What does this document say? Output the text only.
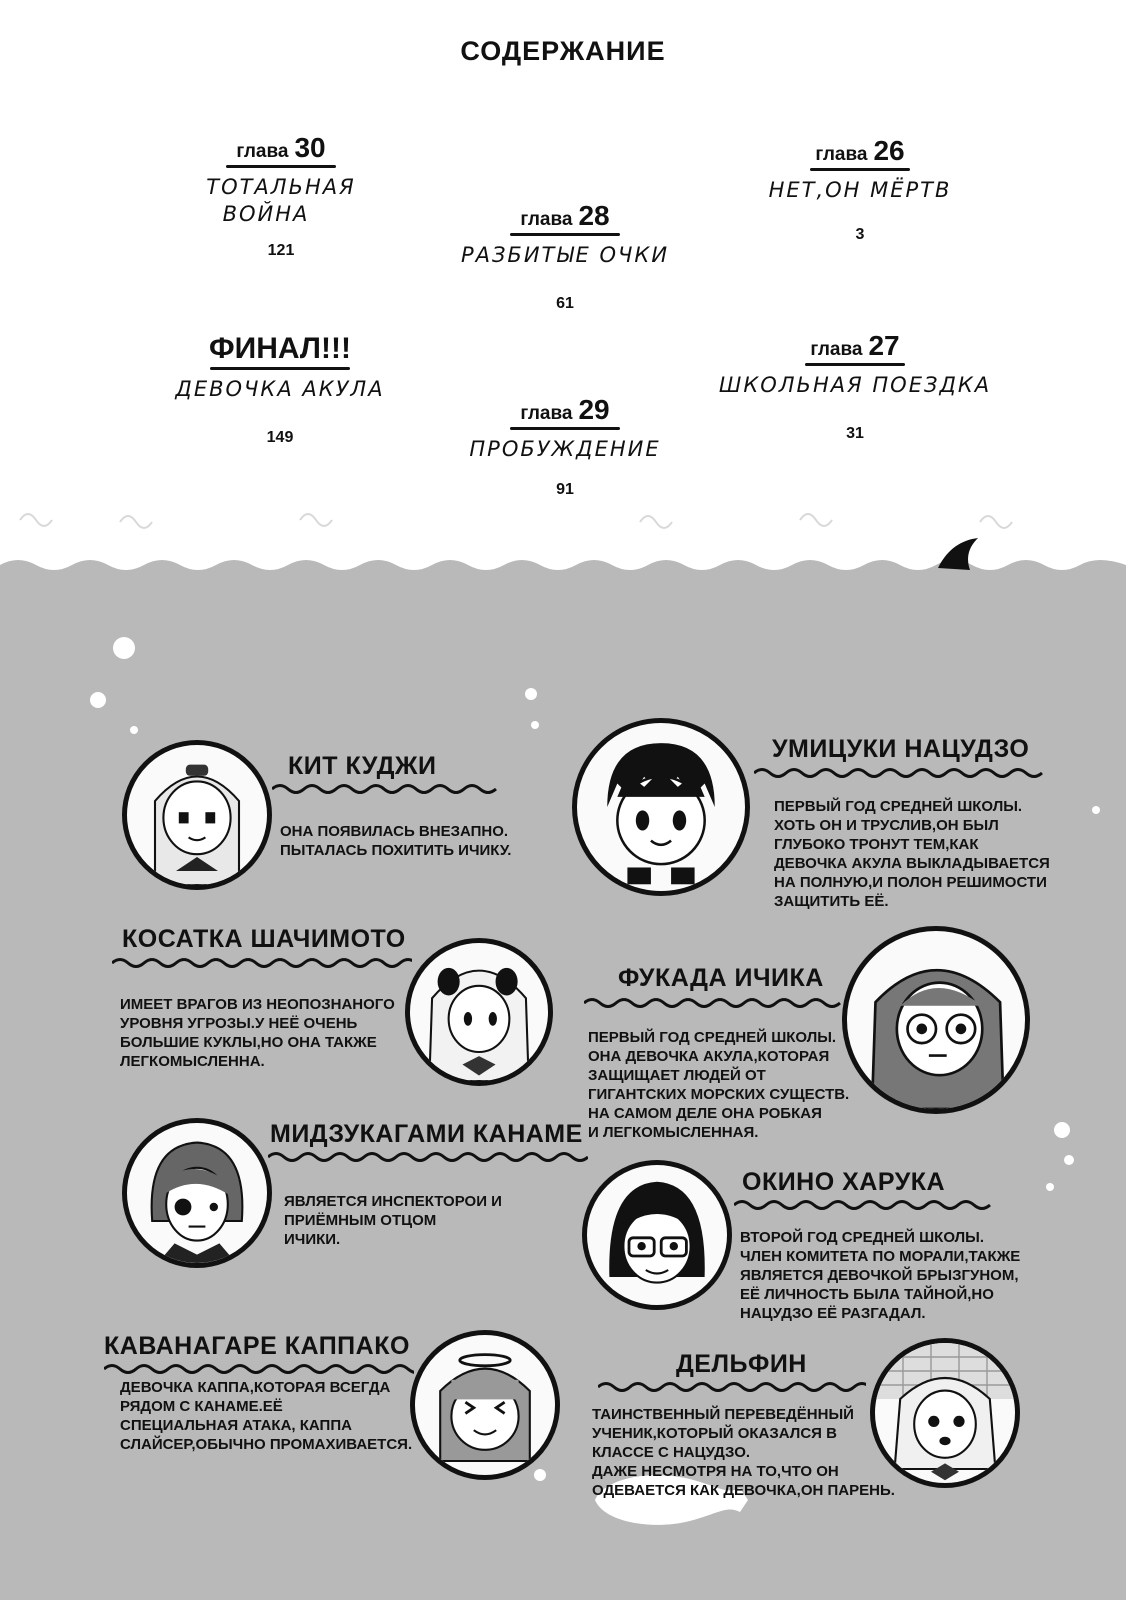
СОДЕРЖАНИЕ
глава 30
ТОТАЛЬНАЯ
ВОЙНА
121
глава 28
РАЗБИТЫЕ ОЧКИ
61
глава 26
НЕТ,ОН МЁРТВ
3
ФИНАЛ!!!
ДЕВОЧКА АКУЛА
149
глава 29
ПРОБУЖДЕНИЕ
91
глава 27
ШКОЛЬНАЯ ПОЕЗДКА
31
КИТ КУДЖИ
ОНА ПОЯВИЛАСЬ ВНЕЗАПНО.
ПЫТАЛАСЬ ПОХИТИТЬ ИЧИКУ.
УМИЦУКИ НАЦУДЗО
ПЕРВЫЙ ГОД СРЕДНЕЙ ШКОЛЫ.
ХОТЬ ОН И ТРУСЛИВ,ОН БЫЛ
ГЛУБОКО ТРОНУТ ТЕМ,КАК
ДЕВОЧКА АКУЛА ВЫКЛАДЫВАЕТСЯ
НА ПОЛНУЮ,И ПОЛОН РЕШИМОСТИ
ЗАЩИТИТЬ ЕЁ.
КОСАТКА ШАЧИМОТО
ИМЕЕТ ВРАГОВ ИЗ НЕОПОЗНАНОГО
УРОВНЯ УГРОЗЫ.У НЕЁ ОЧЕНЬ
БОЛЬШИЕ КУКЛЫ,НО ОНА ТАКЖЕ
ЛЕГКОМЫСЛЕННА.
ФУКАДА ИЧИКА
ПЕРВЫЙ ГОД СРЕДНЕЙ ШКОЛЫ.
ОНА ДЕВОЧКА АКУЛА,КОТОРАЯ
ЗАЩИЩАЕТ ЛЮДЕЙ ОТ
ГИГАНТСКИХ МОРСКИХ СУЩЕСТВ.
НА САМОМ ДЕЛЕ ОНА РОБКАЯ
И ЛЕГКОМЫСЛЕННАЯ.
МИДЗУКАГАМИ КАНАМЕ
ЯВЛЯЕТСЯ ИНСПЕКТОРОИ И
ПРИЁМНЫМ ОТЦОМ
ИЧИКИ.
ОКИНО ХАРУКА
ВТОРОЙ ГОД СРЕДНЕЙ ШКОЛЫ.
ЧЛЕН КОМИТЕТА ПО МОРАЛИ,ТАКЖЕ
ЯВЛЯЕТСЯ ДЕВОЧКОЙ БРЫЗГУНОМ,
ЕЁ ЛИЧНОСТЬ БЫЛА ТАЙНОЙ,НО
НАЦУДЗО ЕЁ РАЗГАДАЛ.
КАВАНАГАРЕ КАППАКО
ДЕВОЧКА КАППА,КОТОРАЯ ВСЕГДА
РЯДОМ С КАНАМЕ.ЕЁ
СПЕЦИАЛЬНАЯ АТАКА, КАППА
СЛАЙСЕР,ОБЫЧНО ПРОМАХИВАЕТСЯ.
ДЕЛЬФИН
ТАИНСТВЕННЫЙ ПЕРЕВЕДЁННЫЙ
УЧЕНИК,КОТОРЫЙ ОКАЗАЛСЯ В
КЛАССЕ С НАЦУДЗО.
ДАЖЕ НЕСМОТРЯ НА ТО,ЧТО ОН
ОДЕВАЕТСЯ КАК ДЕВОЧКА,ОН ПАРЕНЬ.
